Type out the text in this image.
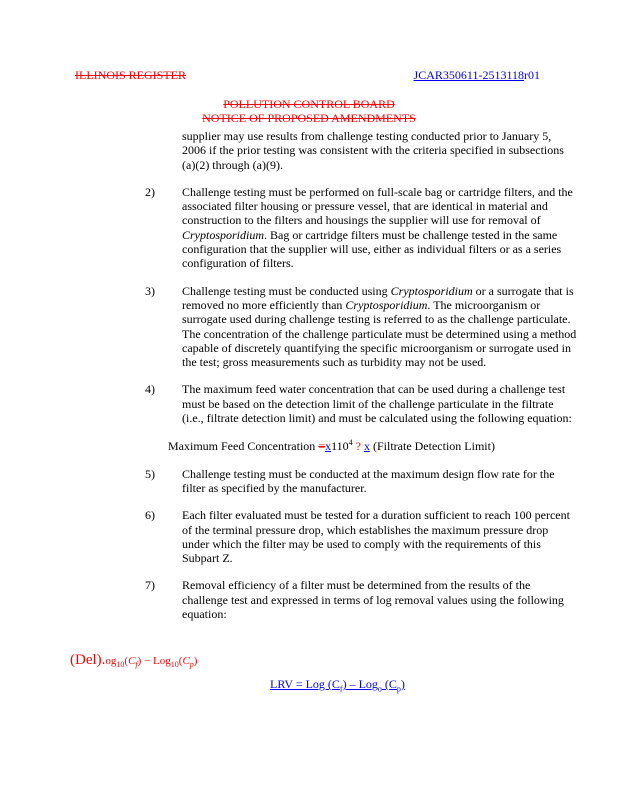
ILLINOIS REGISTER	JCAR350611-2513118r01
POLLUTION CONTROL BOARD
NOTICE OF PROPOSED AMENDMENTS

supplier may use results from challenge testing conducted prior to January 5, 2006 if the prior testing was consistent with the criteria specified in subsections (a)(2) through (a)(9).

2)	Challenge testing must be performed on full-scale bag or cartridge filters, and the associated filter housing or pressure vessel, that are identical in material and construction to the filters and housings the supplier will use for removal of Cryptosporidium. Bag or cartridge filters must be challenge tested in the same configuration that the supplier will use, either as individual filters or as a series configuration of filters.
3)	Challenge testing must be conducted using Cryptosporidium or a surrogate that is removed no more efficiently than Cryptosporidium. The microorganism or surrogate used during challenge testing is referred to as the challenge particulate. The concentration of the challenge particulate must be determined using a method capable of discretely quantifying the specific microorganism or surrogate used in the test; gross measurements such as turbidity may not be used.
4)	The maximum feed water concentration that can be used during a challenge test must be based on the detection limit of the challenge particulate in the filtrate (i.e., filtrate detection limit) and must be calculated using the following equation:
Maximum Feed Concentration $=x110^4$ ? x (Filtrate Detection Limit)
5)	Challenge testing must be conducted at the maximum design flow rate for the filter as specified by the manufacturer.
6)	Each filter evaluated must be tested for a duration sufficient to reach 100 percent of the terminal pressure drop, which establishes the maximum pressure drop under which the filter may be used to comply with the requirements of this Subpart Z.
7)	Removal efficiency of a filter must be determined from the results of the challenge test and expressed in terms of log removal values using the following equation:
$(Del).og_{10}(C_f) - Log_{10}(C_p)$
LRV = Log $(C_f) - Log_o$ $(C_p)$
